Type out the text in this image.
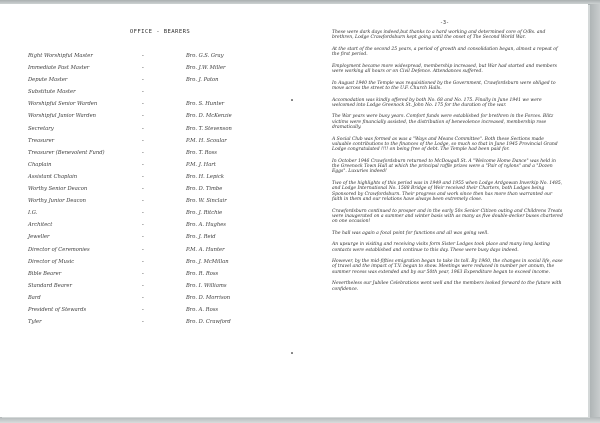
OFFICE - BEARERS
Right Worshipful Master	-	Bro. G.S. Gray
Immediate Past Master	-	Bro. J.W. Miller
Depute Master	-	Bro. J. Paton
Substitute Master	-
Worshipful Senior Warden	-	Bro. S. Hunter
Worshipful Junior Warden	-	Bro. D. McKenzie
Secretary	-	Bro. T. Stevenson
Treasurer	-	P.M. H. Scoular
Treasurer (Benevolent Fund)	-	Bro. T. Ross
Chaplain	-	P.M. J. Hart
Assistant Chaplain	-	Bro. H. Lepick
Worthy Senior Deacon	-	Bro. D. Timbe
Worthy Junior Deacon	-	Bro. W. Sinclair
I.G.	-	Bro. J. Ritchie
Architect	-	Bro. A. Hughes
Jeweller	-	Bro. J. Reid
Director of Ceremonies	-	P.M. A. Hunter
Director of Music	-	Bro. J. McMillan
Bible Bearer	-	Bro. R. Ross
Standard Bearer	-	Bro. I. Williams
Bard	-	Bro. D. Morrison
President of Stewards	-	Bro. A. Ross
Tyler	-	Bro. D. Crawford
-3-

These were dark days indeed,but thanks to a hard working and determined core of O/Bs. and brethren, Lodge Crawfordsburn kept going until the onset of The Second World War.

At the start of the second 25 years, a period of growth and consolidation began, almost a repeat of the first period.

Employment became more widespread, membership increased, but War had started and members were working all hours or on Civil Defence. Attendances suffered.

In August 1940 the Temple was requisitioned by the Government, Crawfordsburn were obliged to move across the street to the U.F. Church Halls.

Accomodation was kindly offered by both No. 68 and No. 175. Finally in June 1941 we were welcomed into Lodge Greenock St. John No. 175 for the duration of the war.

The War years were busy years. Comfort funds were established for brethren in the Forces. Blitz victims were financially assisted, the distribution of benevolence increased, membership rose dramatically.

A Social Club was formed as was a "Ways and Means Committee". Both these Sections made valuable contributions to the finances of the Lodge, so much so that in June 1945 Provincial Grand Lodge congratulated !!!! on being free of debt. The Temple had been paid for.

In October 1946 Crawfordsburn returned to McDougall St. A "Welcome Home Dance" was held in the Greenock Town Hall at which the principal raffle prizes were a "Pair of nylons" and a "Dozen Eggs". Luxuries indeed!

Two of the highlights of this period was in 1949 and 1955 when Lodge Ardgowan Inverkip No. 1485, and Lodge International No. 1588 Bridge of Weir received their Charters, both Lodges being Sponsored by Crawfordsburn. Their progress and work since then has more than warranted our faith in them and our relations have always been extremely close.

Crawfordsburn continued to prosper and in the early 50s Senior Citizen outing and Childrens Treats were inaugerated on a summer and winter basis with as many as five double-decker buses chartered on one occasion!

The hall was again a focal point for functions and all was going well.

An upsurge in visiting and receiving visits form Sister Lodges took place and many long lasting contacts were established and continue to this day. These were busy days indeed.

However, by the mid-fifties emigration began to take its toll. By 1960, the changes in social life, ease of travel and the impact of T.V. began to show. Meetings were reduced in number per annum, the summer recess was extended and by our 50th year, 1963 Expenditure began to exceed income.

Nevertheless our Jubilee Celebrations went well and the members looked forward to the future with confidence.
